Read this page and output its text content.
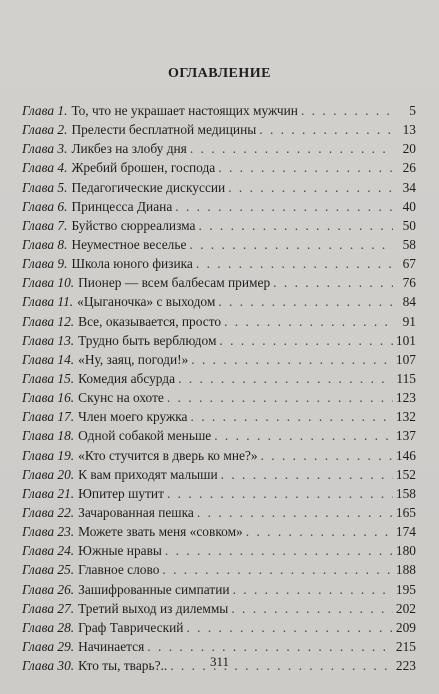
ОГЛАВЛЕНИЕ
Глава 1. То, что не украшает настоящих мужчин . . .	5
Глава 2. Прелести бесплатной медицины . . .	13
Глава 3. Ликбез на злобу дня . . .	20
Глава 4. Жребий брошен, господа . . .	26
Глава 5. Педагогические дискуссии . . .	34
Глава 6. Принцесса Диана . . .	40
Глава 7. Буйство сюрреализма . . .	50
Глава 8. Неуместное веселье . . .	58
Глава 9. Школа юного физика . . .	67
Глава 10. Пионер — всем балбесам пример . . .	76
Глава 11. «Цыганочка» с выходом . . .	84
Глава 12. Все, оказывается, просто . . .	91
Глава 13. Трудно быть верблюдом . . .	101
Глава 14. «Ну, заяц, погоди!» . . .	107
Глава 15. Комедия абсурда . . .	115
Глава 16. Скунс на охоте . . .	123
Глава 17. Член моего кружка . . .	132
Глава 18. Одной собакой меньше . . .	137
Глава 19. «Кто стучится в дверь ко мне?» . . .	146
Глава 20. К вам приходят малыши . . .	152
Глава 21. Юпитер шутит . . .	158
Глава 22. Зачарованная пешка . . .	165
Глава 23. Можете звать меня «совком» . . .	174
Глава 24. Южные нравы . . .	180
Глава 25. Главное слово . . .	188
Глава 26. Зашифрованные симпатии . . .	195
Глава 27. Третий выход из дилеммы . . .	202
Глава 28. Граф Таврический . . .	209
Глава 29. Начинается . . .	215
Глава 30. Кто ты, тварь?.. . . .	223
311
